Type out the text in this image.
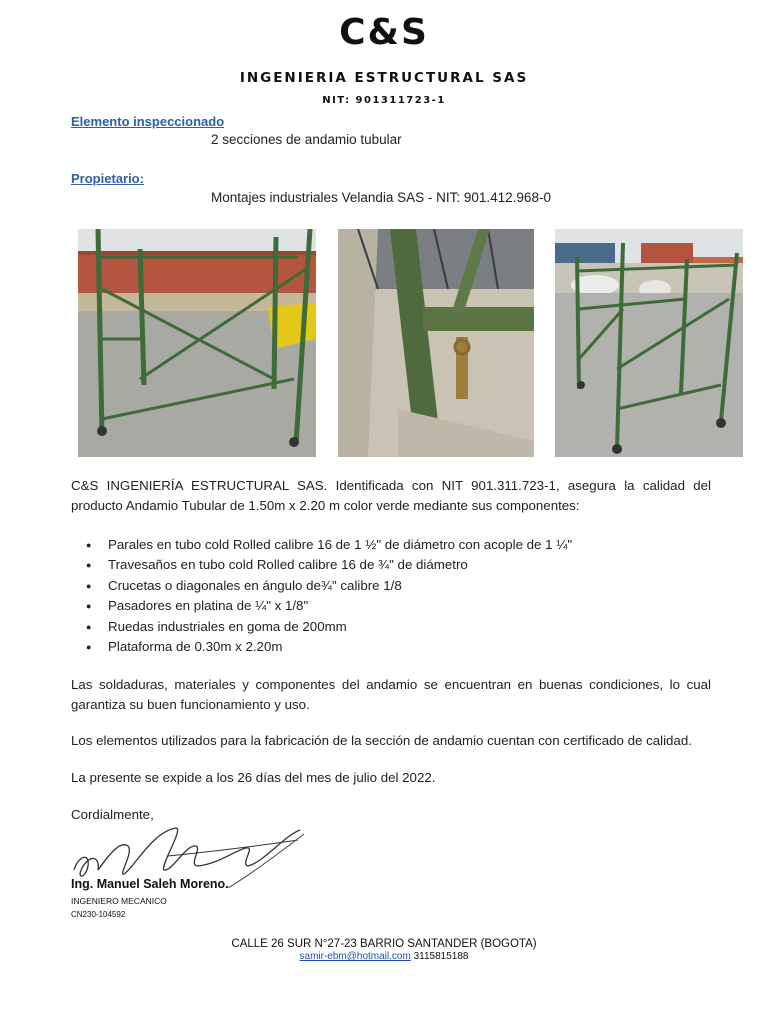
C&S
INGENIERIA ESTRUCTURAL SAS
NIT: 901311723-1
Elemento inspeccionado
2 secciones de andamio tubular
Propietario:
Montajes industriales Velandia SAS - NIT: 901.412.968-0
C&S INGENIERÍA ESTRUCTURAL SAS. Identificada con NIT 901.311.723-1, asegura la calidad del producto Andamio Tubular de 1.50m x 2.20 m color verde mediante sus componentes:
● Parales en tubo cold Rolled calibre 16 de 1 ½" de diámetro con acople de 1 ¼"
● Travesaños en tubo cold Rolled calibre 16 de ¾" de diámetro
● Crucetas o diagonales en ángulo de¾" calibre 1/8
● Pasadores en platina de ¼" x 1/8"
● Ruedas industriales en goma de 200mm
● Plataforma de 0.30m x 2.20m
Las soldaduras, materiales y componentes del andamio se encuentran en buenas condiciones, lo cual garantiza su buen funcionamiento y uso.
Los elementos utilizados para la fabricación de la sección de andamio cuentan con certificado de calidad.
La presente se expide a los 26 días del mes de julio del 2022.
Cordialmente,
Ing. Manuel Saleh Moreno.
INGENIERO MECANICO
CN230-104592
CALLE 26 SUR N°27-23 BARRIO SANTANDER (BOGOTA)
samir-ebm@hotmail.com 3115815188
